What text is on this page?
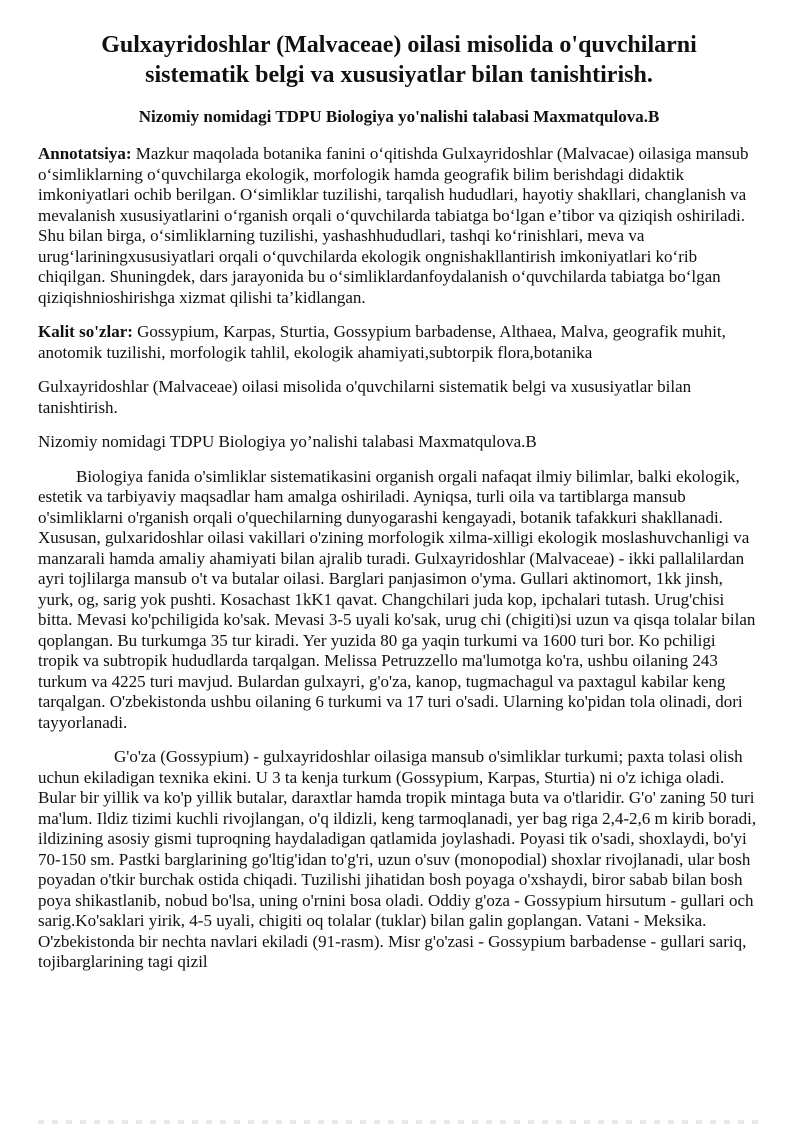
Gulxayridoshlar (Malvaceae) oilasi misolida o'quvchilarni
sistematik belgi va xususiyatlar bilan tanishtirish.
Nizomiy nomidagi TDPU Biologiya yo'nalishi talabasi Maxmatqulova.B

Annotatsiya: Mazkur maqolada botanika fanini o‘qitishda Gulxayridoshlar (Malvacae) oilasiga mansub o‘simliklarning o‘quvchilarga ekologik, morfologik hamda geografik bilim berishdagi didaktik imkoniyatlari ochib berilgan. O‘simliklar tuzilishi, tarqalish hududlari, hayotiy shakllari, changlanish va mevalanish xususiyatlarini o‘rganish orqali o‘quvchilarda tabiatga bo‘lgan e’tibor va qiziqish oshiriladi. Shu bilan birga, o‘simliklarning tuzilishi, yashashhududlari, tashqi ko‘rinishlari, meva va urug‘lariningxususiyatlari orqali o‘quvchilarda ekologik ongnishakllantirish imkoniyatlari ko‘rib chiqilgan. Shuningdek, dars jarayonida bu o‘simliklardanfoydalanish o‘quvchilarda tabiatga bo‘lgan qiziqishnioshirishga xizmat qilishi ta’kidlangan.

Kalit so'zlar: Gossypium, Karpas, Sturtia, Gossypium barbadense, Althaea, Malva, geografik muhit, anotomik tuzilishi, morfologik tahlil, ekologik ahamiyati,subtorpik flora,botanika

Gulxayridoshlar (Malvaceae) oilasi misolida o'quvchilarni sistematik belgi va xususiyatlar bilan tanishtirish.

Nizomiy nomidagi TDPU Biologiya yo’nalishi talabasi Maxmatqulova.B

Biologiya fanida o'simliklar sistematikasini organish orgali nafaqat ilmiy bilimlar, balki ekologik, estetik va tarbiyaviy maqsadlar ham amalga oshiriladi. Ayniqsa, turli oila va tartiblarga mansub o'simliklarni o'rganish orqali o'quechilarning dunyogarashi kengayadi, botanik tafakkuri shakllanadi. Xususan, gulxaridoshlar oilasi vakillari o'zining morfologik xilma-xilligi ekologik moslashuvchanligi va manzarali hamda amaliy ahamiyati bilan ajralib turadi. Gulxayridoshlar (Malvaceae) - ikki pallalilardan ayri tojlilarga mansub o't va butalar oilasi. Barglari panjasimon o'yma. Gullari aktinomort, 1kk jinsh, yurk, og, sarig yok pushti. Kosachast 1kK1 qavat. Changchilari juda kop, ipchalari tutash. Urug'chisi bitta. Mevasi ko'pchiligida ko'sak. Mevasi 3-5 uyali ko'sak, urug chi (chigiti)si uzun va qisqa tolalar bilan qoplangan. Bu turkumga 35 tur kiradi. Yer yuzida 80 ga yaqin turkumi va 1600 turi bor. Ko pchiligi tropik va subtropik hududlarda tarqalgan. Melissa Petruzzello ma'lumotga ko'ra, ushbu oilaning 243 turkum va 4225 turi mavjud. Bulardan gulxayri, g'o'za, kanop, tugmachagul va paxtagul kabilar keng tarqalgan. O'zbekistonda ushbu oilaning 6 turkumi va 17 turi o'sadi. Ularning ko'pidan tola olinadi, dori tayyorlanadi.

G'o'za (Gossypium) - gulxayridoshlar oilasiga mansub o'simliklar turkumi; paxta tolasi olish uchun ekiladigan texnika ekini. U 3 ta kenja turkum (Gossypium, Karpas, Sturtia) ni o'z ichiga oladi. Bular bir yillik va ko'p yillik butalar, daraxtlar hamda tropik mintaga buta va o'tlaridir. G'o' zaning 50 turi ma'lum. Ildiz tizimi kuchli rivojlangan, o'q ildizli, keng tarmoqlanadi, yer bag riga 2,4-2,6 m kirib boradi, ildizining asosiy gismi tuproqning haydaladigan qatlamida joylashadi. Poyasi tik o'sadi, shoxlaydi, bo'yi 70-150 sm. Pastki barglarining go'ltig'idan to'g'ri, uzun o'suv (monopodial) shoxlar rivojlanadi, ular bosh poyadan o'tkir burchak ostida chiqadi. Tuzilishi jihatidan bosh poyaga o'xshaydi, biror sabab bilan bosh poya shikastlanib, nobud bo'lsa, uning o'rnini bosa oladi. Oddiy g'oza - Gossypium hirsutum - gullari och sarig.Ko'saklari yirik, 4-5 uyali, chigiti oq tolalar (tuklar) bilan galin goplangan. Vatani - Meksika. O'zbekistonda bir nechta navlari ekiladi (91-rasm). Misr g'o'zasi - Gossypium barbadense - gullari sariq, tojibarglarining tagi qizil
